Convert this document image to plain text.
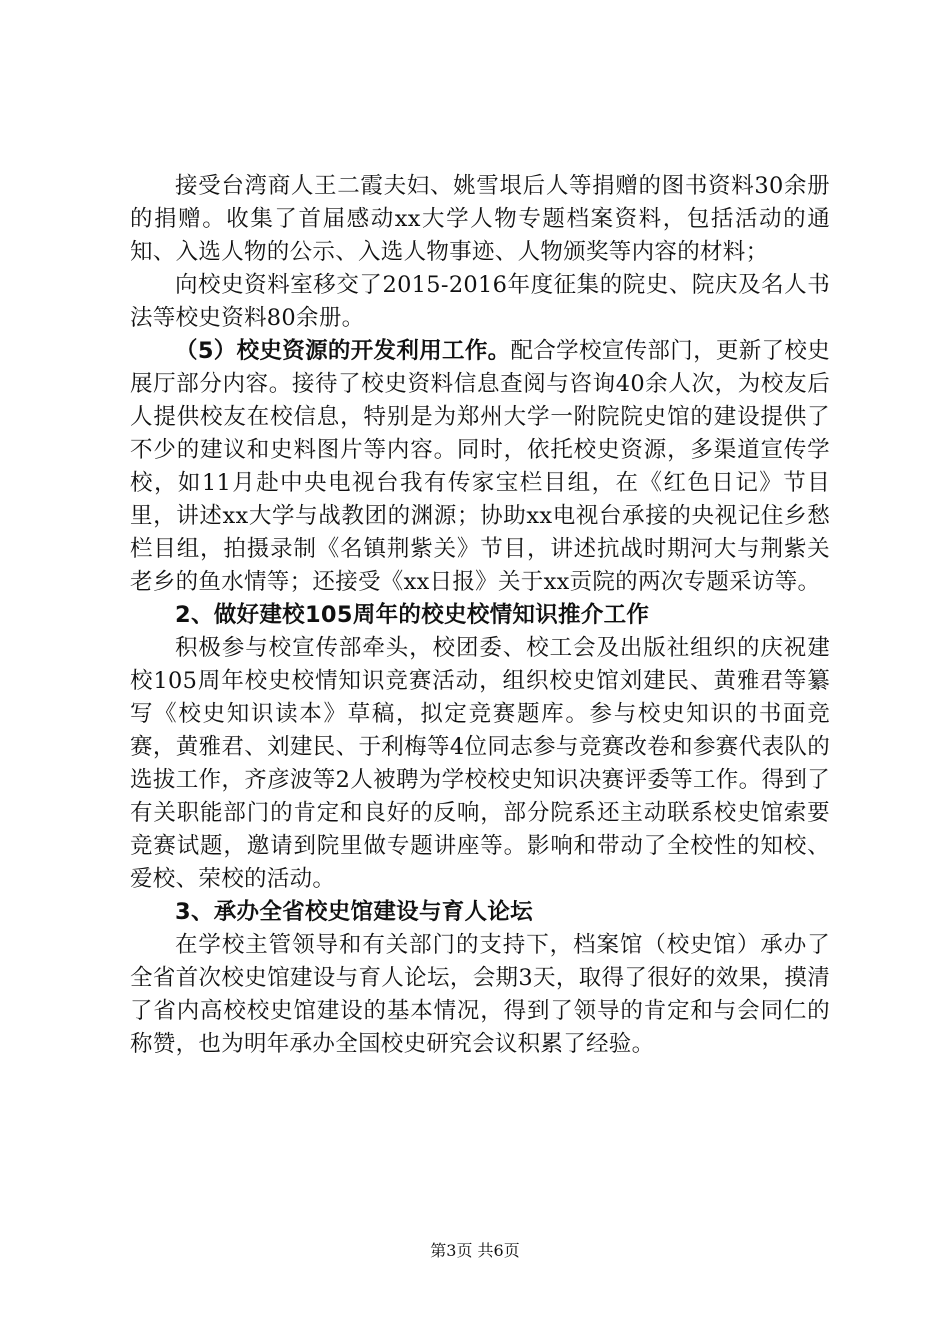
接受台湾商人王二霞夫妇、姚雪垠后人等捐赠的图书资料30余册的捐赠。收集了首届感动xx大学人物专题档案资料，包括活动的通知、入选人物的公示、入选人物事迹、人物颁奖等内容的材料；

向校史资料室移交了2015-2016年度征集的院史、院庆及名人书法等校史资料80余册。

（5）校史资源的开发利用工作。配合学校宣传部门，更新了校史展厅部分内容。接待了校史资料信息查阅与咨询40余人次，为校友后人提供校友在校信息，特别是为郑州大学一附院院史馆的建设提供了不少的建议和史料图片等内容。同时，依托校史资源，多渠道宣传学校，如11月赴中央电视台我有传家宝栏目组，在《红色日记》节目里，讲述xx大学与战教团的渊源；协助xx电视台承接的央视记住乡愁栏目组，拍摄录制《名镇荆紫关》节目，讲述抗战时期河大与荆紫关老乡的鱼水情等；还接受《xx日报》关于xx贡院的两次专题采访等。

2、做好建校105周年的校史校情知识推介工作

积极参与校宣传部牵头，校团委、校工会及出版社组织的庆祝建校105周年校史校情知识竞赛活动，组织校史馆刘建民、黄雅君等纂写《校史知识读本》草稿，拟定竞赛题库。参与校史知识的书面竞赛，黄雅君、刘建民、于利梅等4位同志参与竞赛改卷和参赛代表队的选拔工作，齐彦波等2人被聘为学校校史知识决赛评委等工作。得到了有关职能部门的肯定和良好的反响，部分院系还主动联系校史馆索要竞赛试题，邀请到院里做专题讲座等。影响和带动了全校性的知校、爱校、荣校的活动。

3、承办全省校史馆建设与育人论坛

在学校主管领导和有关部门的支持下，档案馆（校史馆）承办了全省首次校史馆建设与育人论坛，会期3天，取得了很好的效果，摸清了省内高校校史馆建设的基本情况，得到了领导的肯定和与会同仁的称赞，也为明年承办全国校史研究会议积累了经验。

第3页 共6页
